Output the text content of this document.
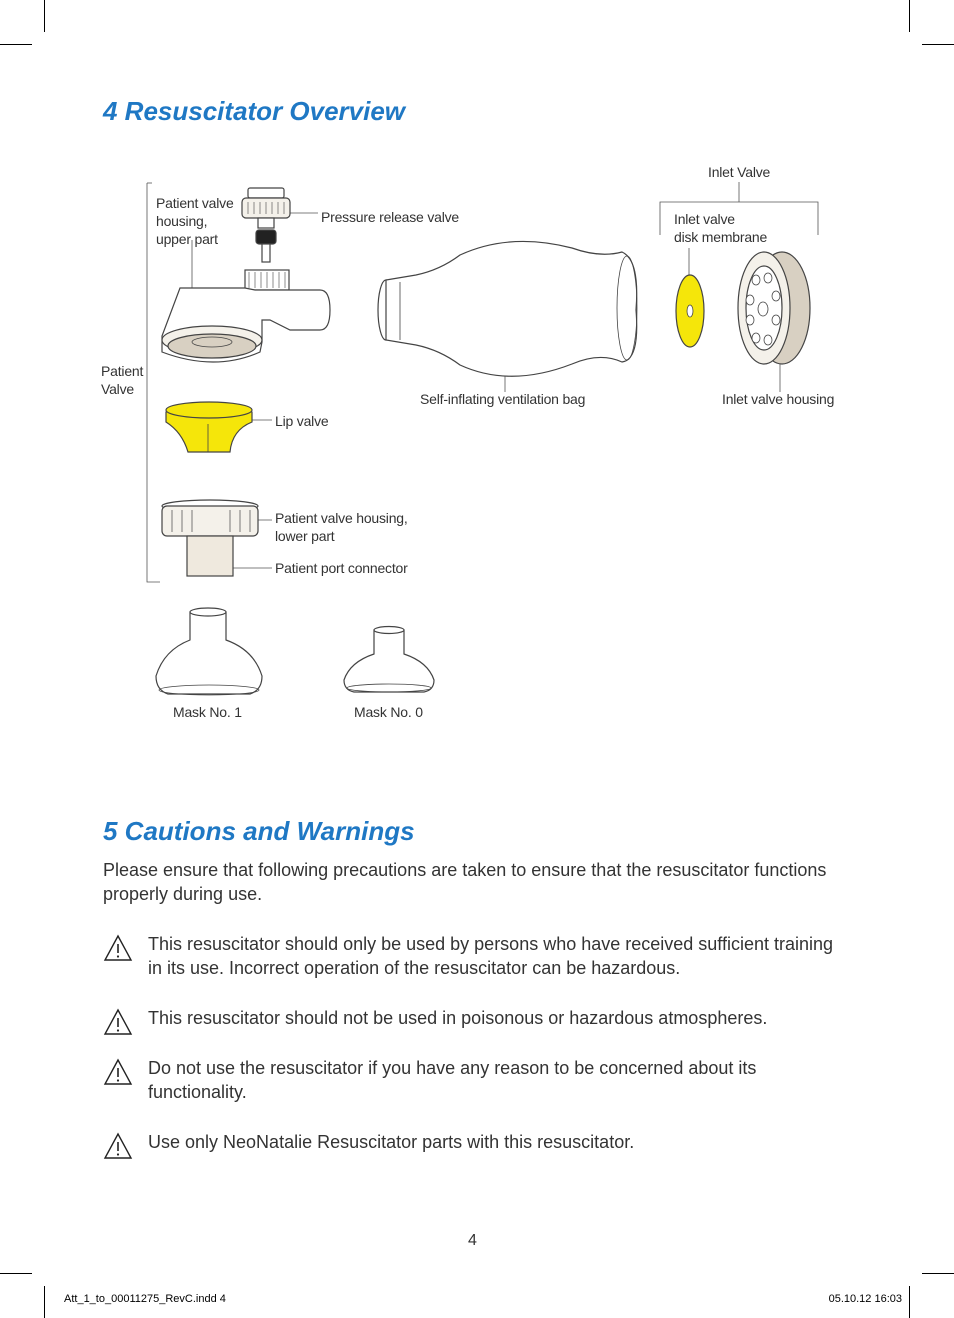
4 Resuscitator Overview
Patient valve
housing,
upper part
Pressure release valve
Patient
Valve
Lip valve
Patient valve housing,
lower part
Patient port connector
Self-inflating ventilation bag
Inlet Valve
Inlet valve
disk membrane
Inlet valve housing
Mask No. 1	Mask No. 0
5 Cautions and Warnings
Please ensure that following precautions are taken to ensure that the resuscitator functions properly during use.
This resuscitator should only be used by persons who have received sufficient training in its use. Incorrect operation of the resuscitator can be hazardous.
This resuscitator should not be used in poisonous or hazardous atmospheres.
Do not use the resuscitator if you have any reason to be concerned about its functionality.
Use only NeoNatalie Resuscitator parts with this resuscitator.
4
Att_1_to_00011275_RevC.indd 4	05.10.12 16:03
